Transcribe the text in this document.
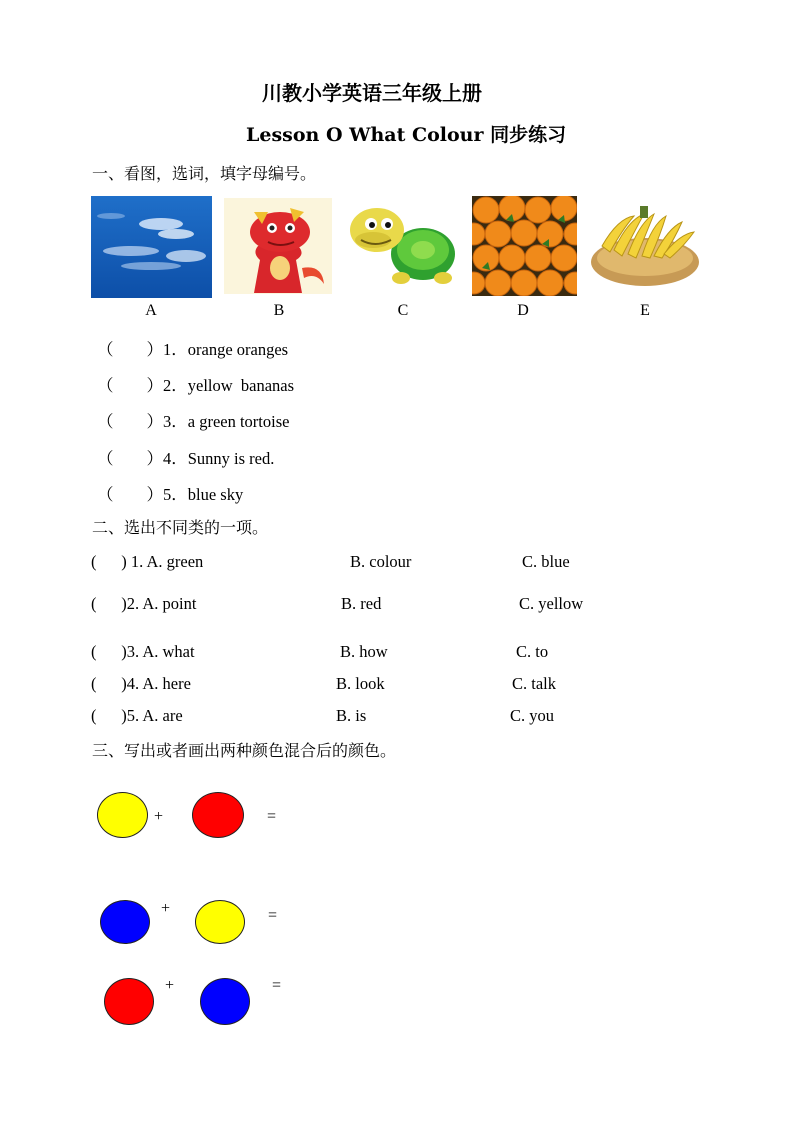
川教小学英语三年级上册
Lesson O What Colour 同步练习
一、看图，选词，填字母编号。
A	B	C	D	E
（        ）1．orange oranges
（        ）2．yellow  bananas
（        ）3．a green tortoise
（        ）4．Sunny is red.
（        ）5．blue sky
二、选出不同类的一项。
(      ) 1. A. green	B. colour	C. blue
(      )2. A. point	B. red	C. yellow
(      )3. A. what	B. how	C. to
(      )4. A. here	B. look	C. talk
(      )5. A. are	B. is	C. you
三、写出或者画出两种颜色混合后的颜色。
+	=
+	=
+	=
